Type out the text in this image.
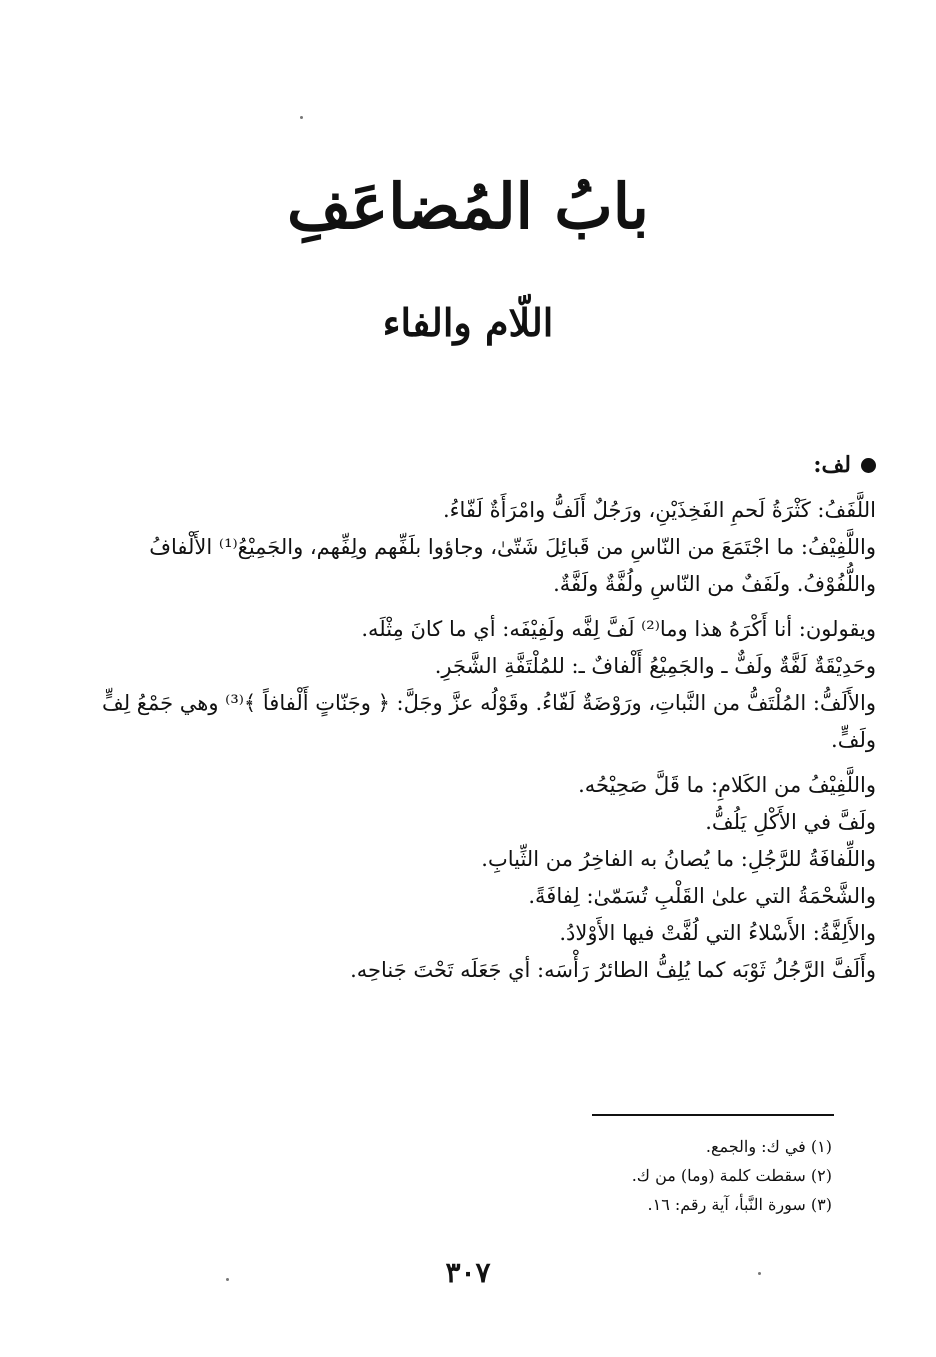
بابُ المُضاعَفِ
اللّام والفاء
لف:

اللَّفَفُ: كَثْرَةُ لَحمِ الفَخِذَيْنِ، ورَجُلٌ أَلَفُّ وامْرَأَةٌ لَفّاءُ.

واللَّفِيْفُ: ما اجْتَمَعَ من النّاسِ من قَبائِلَ شَتّىٰ، وجاؤوا بلَفِّهم ولِفِّهم، والجَمِيْعُ⁽¹⁾ الأَلْفافُ واللُّفُوْفُ. ولَفَفٌ من النّاسِ ولُفَّةٌ ولَفَّةٌ.

ويقولون: أنا أَكْرَهُ هذا وما⁽²⁾ لَفَّ لِفَّه ولَفِيْفَه: أي ما كانَ مِثْلَه.

وحَدِيْقَةٌ لَفَّةٌ ولَفٌّ ـ والجَمِيْعُ أَلْفافٌ ـ: للمُلْتَفَّةِ الشَّجَرِ.

والأَلَفُّ: المُلْتَفُّ من النَّباتِ، ورَوْضَةٌ لَفّاءُ. وقَوْلُه عزَّ وجَلَّ: ﴿ وجَنّاتٍ أَلْفافاً ﴾⁽³⁾ وهي جَمْعُ لِفٍّ ولَفٍّ.

واللَّفِيْفُ من الكَلامِ: ما قَلَّ صَحِيْحُه.

ولَفَّ في الأَكْلِ يَلُفُّ.

واللِّفافَةُ للرَّجُلِ: ما يُصانُ به الفاخِرُ من الثِّيابِ.

والشَّحْمَةُ التي علىٰ القَلْبِ تُسَمّىٰ: لِفافَةً.

والأَلِفَّةُ: الأَسْلاءُ التي لُفَّتْ فيها الأَوْلادُ.

وأَلَفَّ الرَّجُلُ ثَوْبَه كما يُلِفُّ الطائرُ رَأْسَه: أي جَعَلَه تَحْتَ جَناحِه.

(١) في ك: والجمع.
(٢) سقطت كلمة (وما) من ك.
(٣) سورة النَّبأ، آية رقم: ١٦.
٣٠٧
